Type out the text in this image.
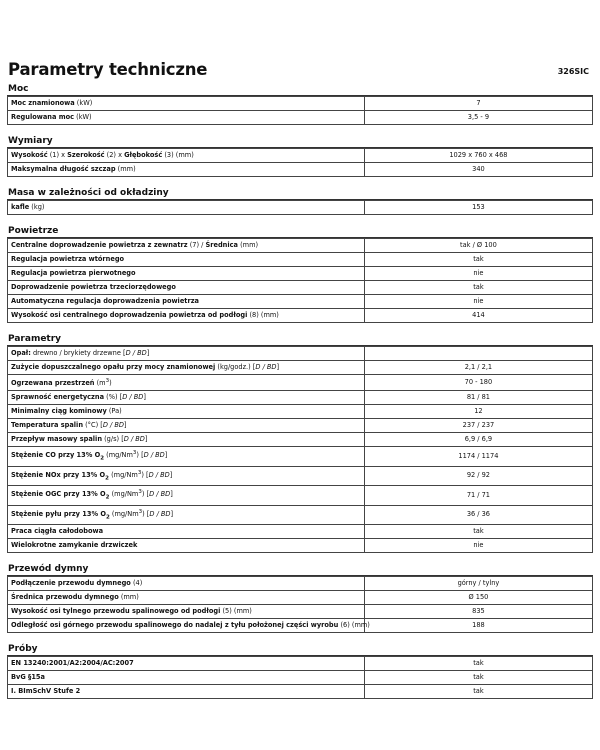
Parametry techniczne	326SIC
Moc
Moc znamionowa (kW)	7
Regulowana moc (kW)	3,5 - 9
Wymiary
Wysokość (1) x Szerokość (2) x Głębokość (3) (mm)	1029 x 760 x 468
Maksymalna długość szczap (mm)	340
Masa w zależności od okładziny
kafle (kg)	153
Powietrze
Centralne doprowadzenie powietrza z zewnatrz (7) / Średnica (mm)	tak / Ø 100
Regulacja powietrza wtórnego	tak
Regulacja powietrza pierwotnego	nie
Doprowadzenie powietrza trzeciorzędowego	tak
Automatyczna regulacja doprowadzenia powietrza	nie
Wysokość osi centralnego doprowadzenia powietrza od podłogi (8) (mm)	414
Parametry
Opał: drewno / brykiety drzewne [D / BD]	
Zużycie dopuszczalnego opału przy mocy znamionowej (kg/godz.) [D / BD]	2,1 / 2,1
Ogrzewana przestrzeń $(m^3)$	70 - 180
Sprawność energetyczna (%) [D / BD]	81 / 81
Minimalny ciąg kominowy (Pa)	12
Temperatura spalin (°C) [D / BD]	237 / 237
Przepływ masowy spalin (g/s) [D / BD]	6,9 / 6,9
Stężenie CO przy 13% $O_2$ (mg/Nm$^3$) [D / BD]	1174 / 1174
Stężenie NOx przy 13% $O_2$ (mg/Nm$^3$) [D / BD]	92 / 92
Stężenie OGC przy 13% $O_2$ (mg/Nm$^3$) [D / BD]	71 / 71
Stężenie pyłu przy 13% $O_2$ (mg/Nm$^3$) [D / BD]	36 / 36
Praca ciągła całodobowa	tak
Wielokrotne zamykanie drzwiczek	nie
Przewód dymny
Podłączenie przewodu dymnego (4)	górny / tylny
Średnica przewodu dymnego (mm)	Ø 150
Wysokość osi tylnego przewodu spalinowego od podłogi (5) (mm)	835
Odległość osi górnego przewodu spalinowego do nadalej z tyłu położonej części wyrobu (6) (mm)	188
Próby
EN 13240:2001/A2:2004/AC:2007	tak
BvG §15a	tak
I. BImSchV Stufe 2	tak
